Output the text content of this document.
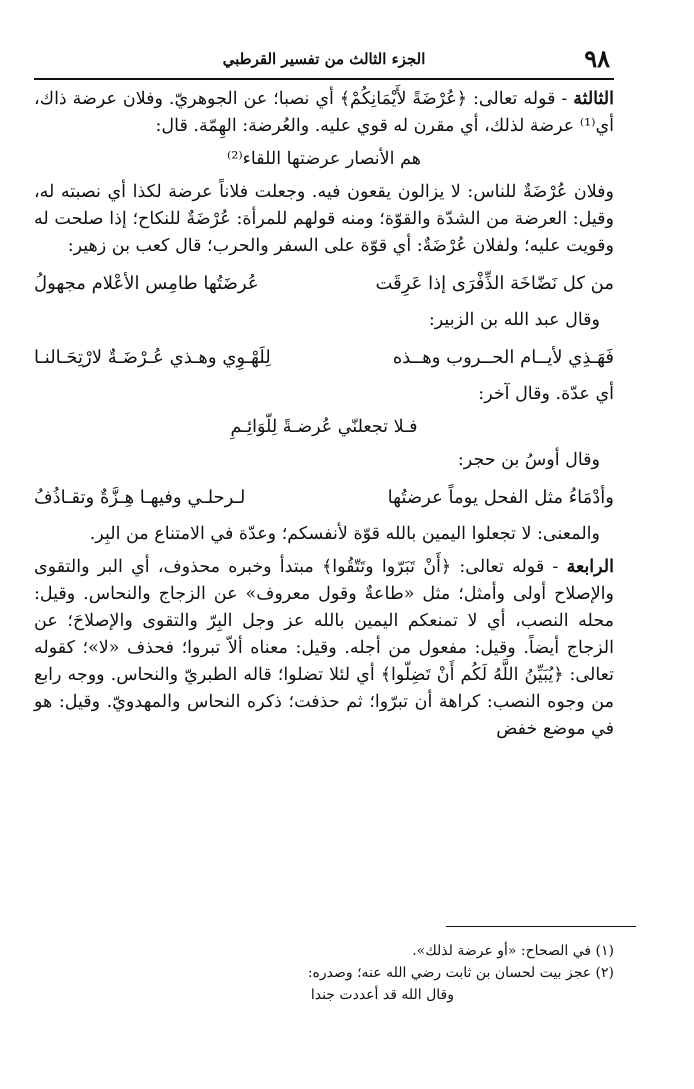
٩٨
الجزء الثالث من تفسير القرطبي

الثالثة - قوله تعالى: ﴿عُرْضَةً لأَيْمَانِكُمْ﴾ أي نصبا؛ عن الجوهريّ. وفلان عرضة ذاك، أي⁽¹⁾ عرضة لذلك، أي مقرن له قوي عليه. والعُرضة: الهِمّة. قال:

هم الأنصار عرضتها اللقاء⁽²⁾

وفلان عُرْضَةٌ للناس: لا يزالون يقعون فيه. وجعلت فلاناً عرضة لكذا أي نصبته له، وقيل: العرضة من الشدّة والقوّة؛ ومنه قولهم للمرأة: عُرْضَةٌ للنكاح؛ إذا صلحت له وقويت عليه؛ ولفلان عُرْضَةٌ: أي قوّة على السفر والحرب؛ قال كعب بن زهير:

من كل نَضّاخَة الذِّفْرَى إذا عَرِقَت
عُرضَتُها طامِس الأعْلام مجهولُ

وقال عبد الله بن الزبير:

فَهَـذِي لأيــام الحــروب وهــذه
لِلَهْـوِي وهـذي عُـرْضَـةٌ لارْتِحَـالنـا

أي عدّة. وقال آخر:

فـلا تجعلنّي عُرضـةً لِلّوَائِـمِ

وقال أوسُ بن حجر:

وأدْمَاءُ مثل الفحل يوماً عرضتُها
لـرحلـي وفيهـا هِـزَّةٌ وتقـاذُفُ

والمعنى: لا تجعلوا اليمين بالله قوّة لأنفسكم؛ وعدّة في الامتناع من البِر.

الرابعة - قوله تعالى: ﴿أَنْ تَبَرّوا وتَتّقُوا﴾ مبتدأ وخبره محذوف، أي البر والتقوى والإصلاح أولى وأمثل؛ مثل «طاعةٌ وقول معروف» عن الزجاج والنحاس. وقيل: محله النصب، أي لا تمنعكم اليمين بالله عز وجل البِرّ والتقوى والإصلاحَ؛ عن الزجاج أيضاً. وقيل: مفعول من أجله. وقيل: معناه ألاّ تبروا؛ فحذف «لا»؛ كقوله تعالى: ﴿يُبَيِّنُ اللَّهُ لَكُم أَنْ تَضِلّوا﴾ أي لئلا تضلوا؛ قاله الطبريّ والنحاس. ووجه رابع من وجوه النصب: كراهة أن تبرّوا؛ ثم حذفت؛ ذكره النحاس والمهدويّ. وقيل: هو في موضع خفض

(١) في الصحاح: «أو عرضة لذلك».

(٢) عجز بيت لحسان بن ثابت رضي الله عنه؛ وصدره:

وقال الله قد أعددت جندا
